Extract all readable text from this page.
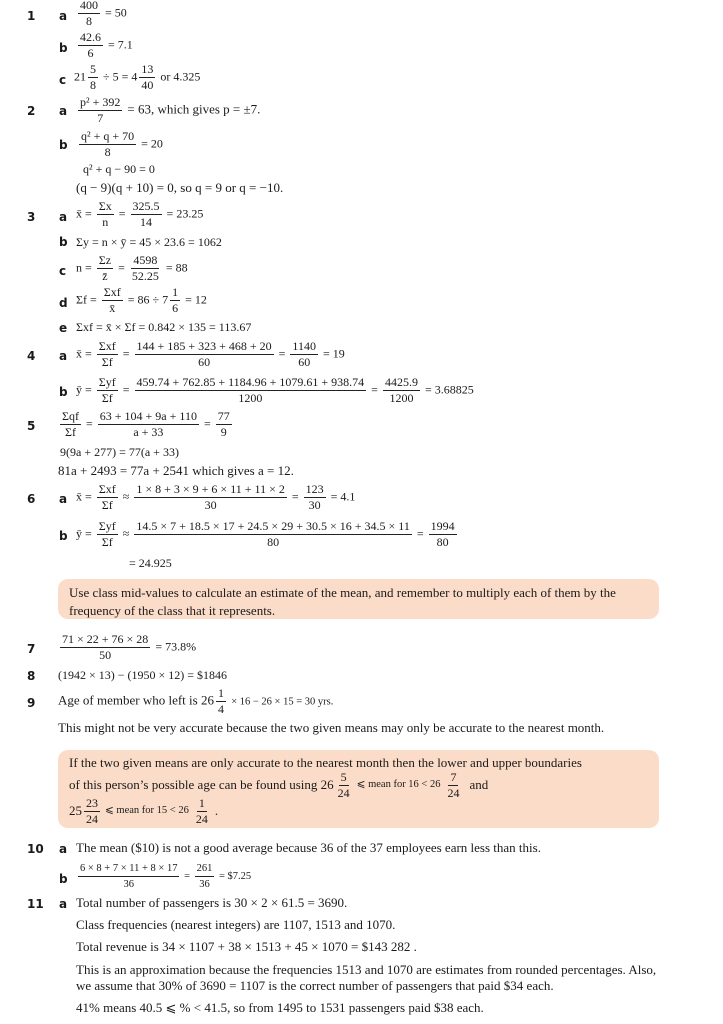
1 a $\frac{400}{8} = 50$
b $\frac{42.6}{6} = 7.1$
c $21 \frac{5}{8} \div 5 = 4 \frac{13}{40}$ or 4.325
2 a $\frac{\text{p² + 392}}{7} = 63$, which gives p = ±7.
b $\frac{\text{q² + q + 70}}{8} = 20$
q² + q − 90 = 0
(q − 9)(q + 10) = 0, so q = 9 or q = −10.
3 a x̄ = $\frac{\Sigma x}{n} = \frac{325.5}{14} = 23.25$
b Σy = n × ȳ = 45 × 23.6 = 1062
c $n = \frac{\Sigma z}{z̄} = \frac{4598}{52.25} = 88$
d $\Sigma f = \frac{\text{Σxf}}{x̄} = 86 \div 7 \frac{1}{6} = 12$
e Σxf = x̄ × Σf = 0.842 × 135 = 113.67
4 a x̄ = $\frac{\text{Σxf}}{\Sigma f} = \frac{144 + 185 + 323 + 468 + 20}{60} = \frac{1140}{60} = 19$
b ȳ = $\frac{\text{Σyf}}{\Sigma f} = \frac{459.74 + 762.85 + 1184.96 + 1079.61 + 938.74}{1200} = \frac{4425.9}{1200} = 3.68825$
$5 \frac{\text{Σqf}}{\Sigma f} = \frac{63 + 104 + 9a + 110}{a + 33} = \frac{77}{9}$
9(9a + 277) = 77(a + 33)
81a + 2493 = 77a + 2541 which gives a = 12.
6 a x̄ = $\frac{\text{Σxf}}{\Sigma f} \approx \frac{1 \times 8 + 3 \times 9 + 6 \times 11 + 11 \times 2}{30} = \frac{123}{30} = 4.1$
b ȳ = $\frac{\text{Σyf}}{\Sigma f} \approx \frac{14.5 \times 7 + 18.5 \times 17 + 24.5 \times 29 + 30.5 \times 16 + 34.5 \times 11}{80} = \frac{1994}{80}$
= 24.925
Use class mid-values to calculate an estimate of the mean, and remember to multiply each of them by the frequency of the class that it represents.
$7 \frac{71 \times 22 + 76 \times 28}{50} = 73.8\%$
8 (1942 × 13) − (1950 × 12) = $1846
9 Age of member who left is $26 \frac{1}{4} \times 16 - 26 \times 15 = 30$ yrs.
This might not be very accurate because the two given means may only be accurate to the nearest month.
If the two given means are only accurate to the nearest month then the lower and upper boundaries
of this person’s possible age can be found using $26 \frac{5}{24}$ ⩽ mean for $16 < 26 \frac{7}{24}$ and
$25 \frac{23}{24}$ ⩽ mean for $15 < 26 \frac{1}{24}$ .
10 a The mean ($10) is not a good average because 36 of the 37 employees earn less than this.
b $\frac{6 \times 8 + 7 \times 11 + 8 \times 17}{36} = \frac{261}{36}$ = $7.25
11 a Total number of passengers is 30 × 2 × 61.5 = 3690.
Class frequencies (nearest integers) are 1107, 1513 and 1070.
Total revenue is 34 × 1107 + 38 × 1513 + 45 × 1070 = $143 282 .
This is an approximation because the frequencies 1513 and 1070 are estimates from rounded percentages. Also,
we assume that 30% of 3690 = 1107 is the correct number of passengers that paid $34 each.
41% means 40.5 ⩽ % < 41.5, so from 1495 to 1531 passengers paid $38 each.
